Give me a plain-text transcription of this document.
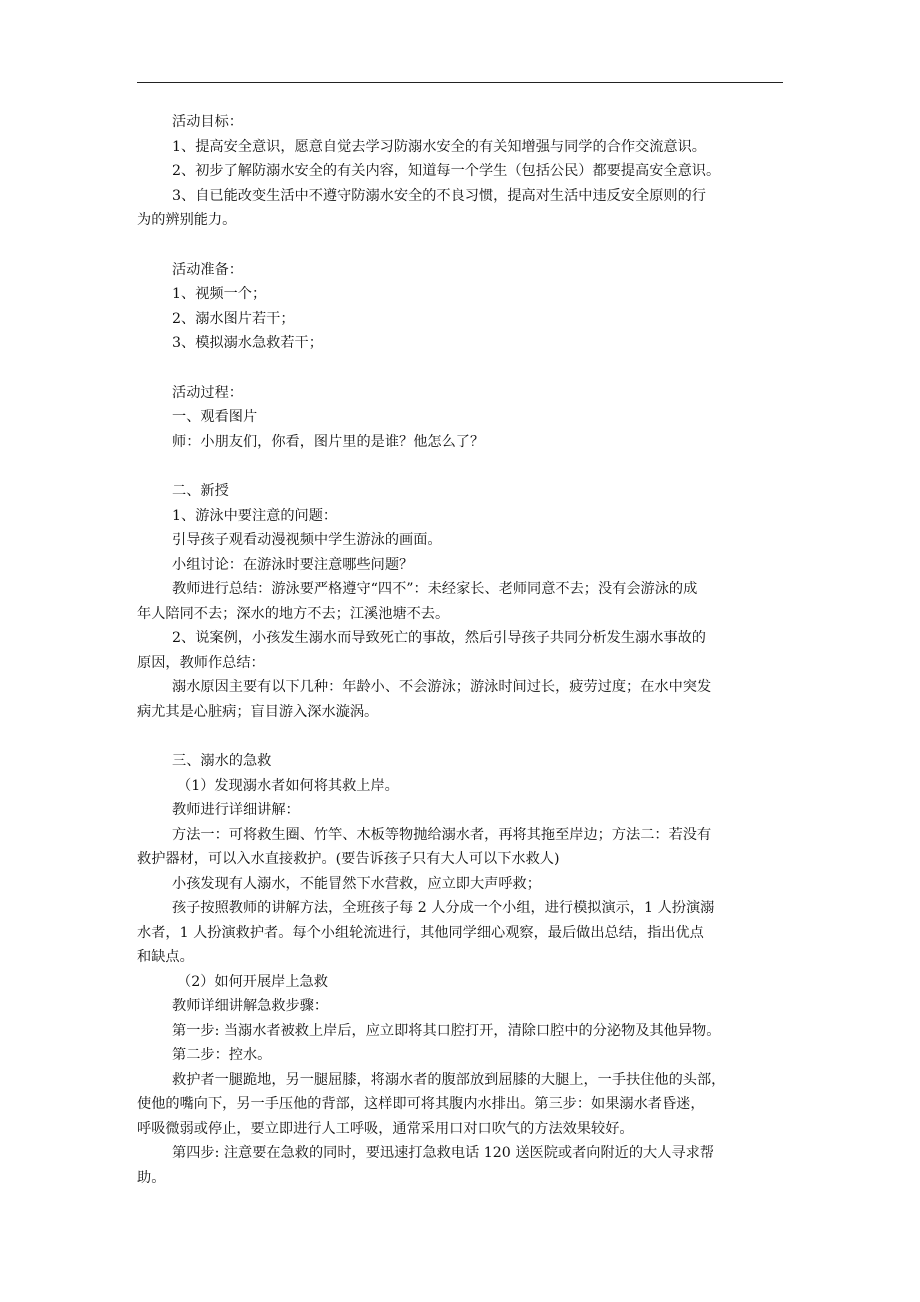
活动目标：
1、提高安全意识，愿意自觉去学习防溺水安全的有关知增强与同学的合作交流意识。
2、初步了解防溺水安全的有关内容，知道每一个学生（包括公民）都要提高安全意识。
3、自已能改变生活中不遵守防溺水安全的不良习惯，提高对生活中违反安全原则的行
为的辨别能力。
活动准备：
1、视频一个；
2、溺水图片若干；
3、模拟溺水急救若干；
活动过程：
一、观看图片
师：小朋友们，你看，图片里的是谁？他怎么了？
二、新授
1、游泳中要注意的问题：
引导孩子观看动漫视频中学生游泳的画面。
小组讨论：在游泳时要注意哪些问题？
教师进行总结：游泳要严格遵守“四不”：未经家长、老师同意不去；没有会游泳的成
年人陪同不去；深水的地方不去；江溪池塘不去。
2、说案例，小孩发生溺水而导致死亡的事故，然后引导孩子共同分析发生溺水事故的
原因，教师作总结：
溺水原因主要有以下几种：年龄小、不会游泳；游泳时间过长，疲劳过度；在水中突发
病尤其是心脏病；盲目游入深水漩涡。
三、溺水的急救
（1）发现溺水者如何将其救上岸。
教师进行详细讲解：
方法一：可将救生圈、竹竿、木板等物抛给溺水者，再将其拖至岸边；方法二：若没有
救护器材，可以入水直接救护。(要告诉孩子只有大人可以下水救人)
小孩发现有人溺水，不能冒然下水营救，应立即大声呼救；
孩子按照教师的讲解方法，全班孩子每 2 人分成一个小组，进行模拟演示，1 人扮演溺
水者，1 人扮演救护者。每个小组轮流进行，其他同学细心观察，最后做出总结，指出优点
和缺点。
（2）如何开展岸上急救
教师详细讲解急救步骤：
第一步: 当溺水者被救上岸后，应立即将其口腔打开，清除口腔中的分泌物及其他异物。
第二步：控水。
救护者一腿跪地，另一腿屈膝，将溺水者的腹部放到屈膝的大腿上，一手扶住他的头部，
使他的嘴向下，另一手压他的背部，这样即可将其腹内水排出。第三步：如果溺水者昏迷，
呼吸微弱或停止，要立即进行人工呼吸，通常采用口对口吹气的方法效果较好。
第四步: 注意要在急救的同时，要迅速打急救电话 120 送医院或者向附近的大人寻求帮
助。
